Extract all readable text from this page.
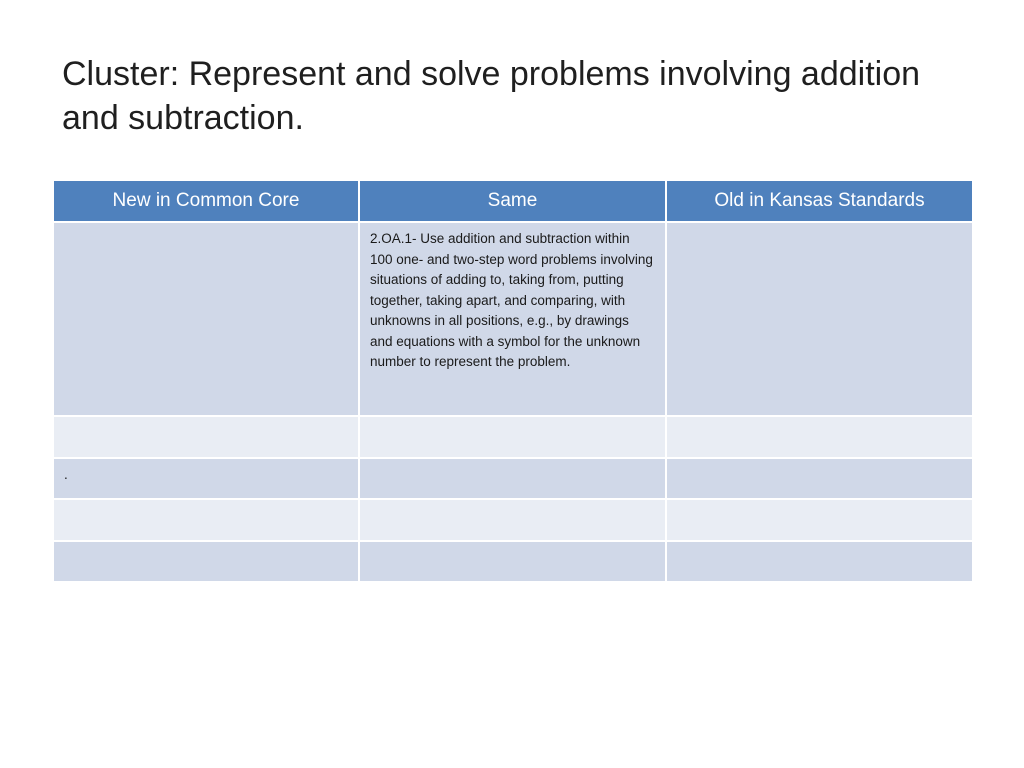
Cluster: Represent and solve problems involving addition and subtraction.
New in Common Core	Same	Old in Kansas Standards
	2.OA.1- Use addition and subtraction within 100 one- and two-step word problems involving situations of adding to, taking from, putting together, taking apart, and comparing, with unknowns in all positions, e.g., by drawings and equations with a symbol for the unknown number to represent the problem.	

.		
